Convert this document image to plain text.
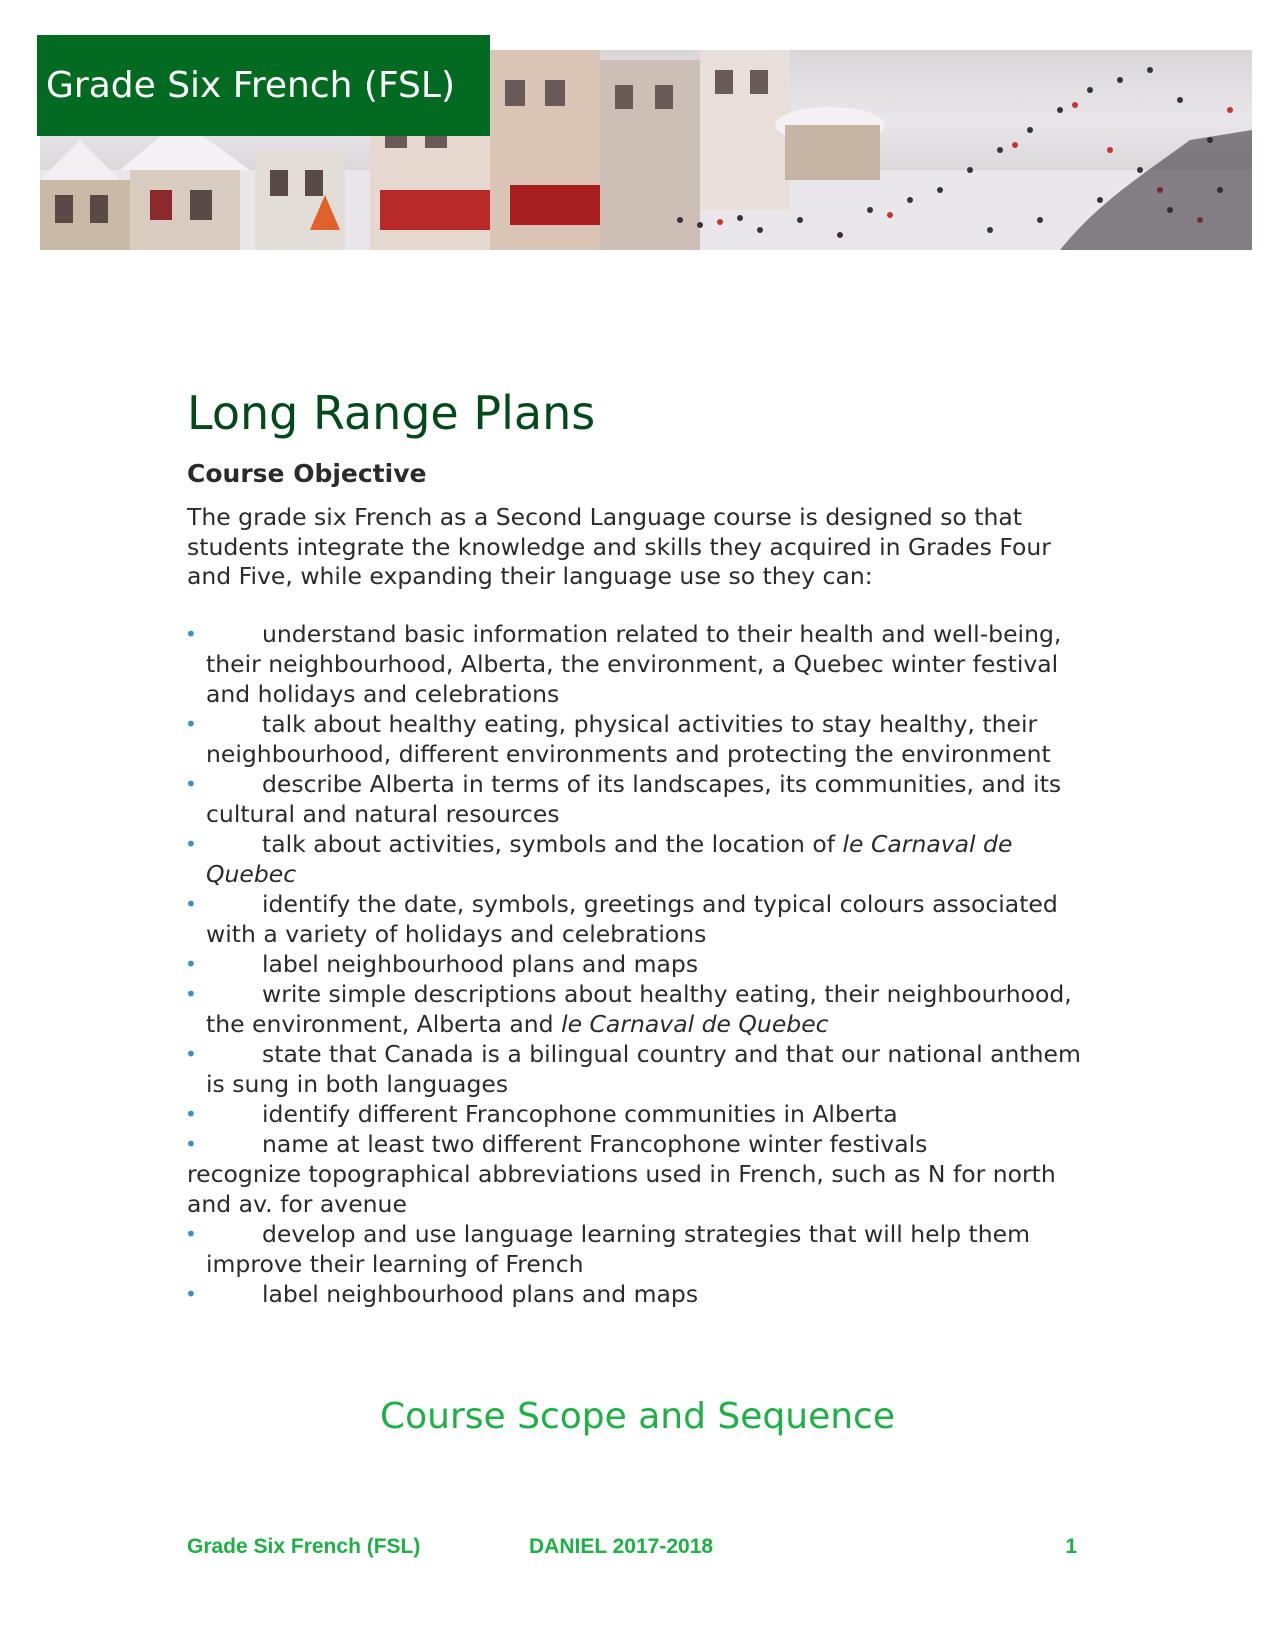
Grade Six French (FSL)
Long Range Plans
Course Objective

The grade six French as a Second Language course is designed so that students integrate the knowledge and skills they acquired in Grades Four and Five, while expanding their language use so they can:

•	understand basic information related to their health and well-being, their neighbourhood, Alberta, the environment, a Quebec winter festival and holidays and celebrations
•	talk about healthy eating, physical activities to stay healthy, their neighbourhood, different environments and protecting the environment
•	describe Alberta in terms of its landscapes, its communities, and its cultural and natural resources
•	talk about activities, symbols and the location of le Carnaval de Quebec
•	identify the date, symbols, greetings and typical colours associated with a variety of holidays and celebrations
•	label neighbourhood plans and maps
•	write simple descriptions about healthy eating, their neighbourhood, the environment, Alberta and le Carnaval de Quebec
•	state that Canada is a bilingual country and that our national anthem is sung in both languages
•	identify different Francophone communities in Alberta
•	name at least two different Francophone winter festivals
recognize topographical abbreviations used in French, such as N for north and av. for avenue
•	develop and use language learning strategies that will help them improve their learning of French
•	label neighbourhood plans and maps
Course Scope and Sequence
Grade Six French (FSL)	DANIEL 2017-2018	1
